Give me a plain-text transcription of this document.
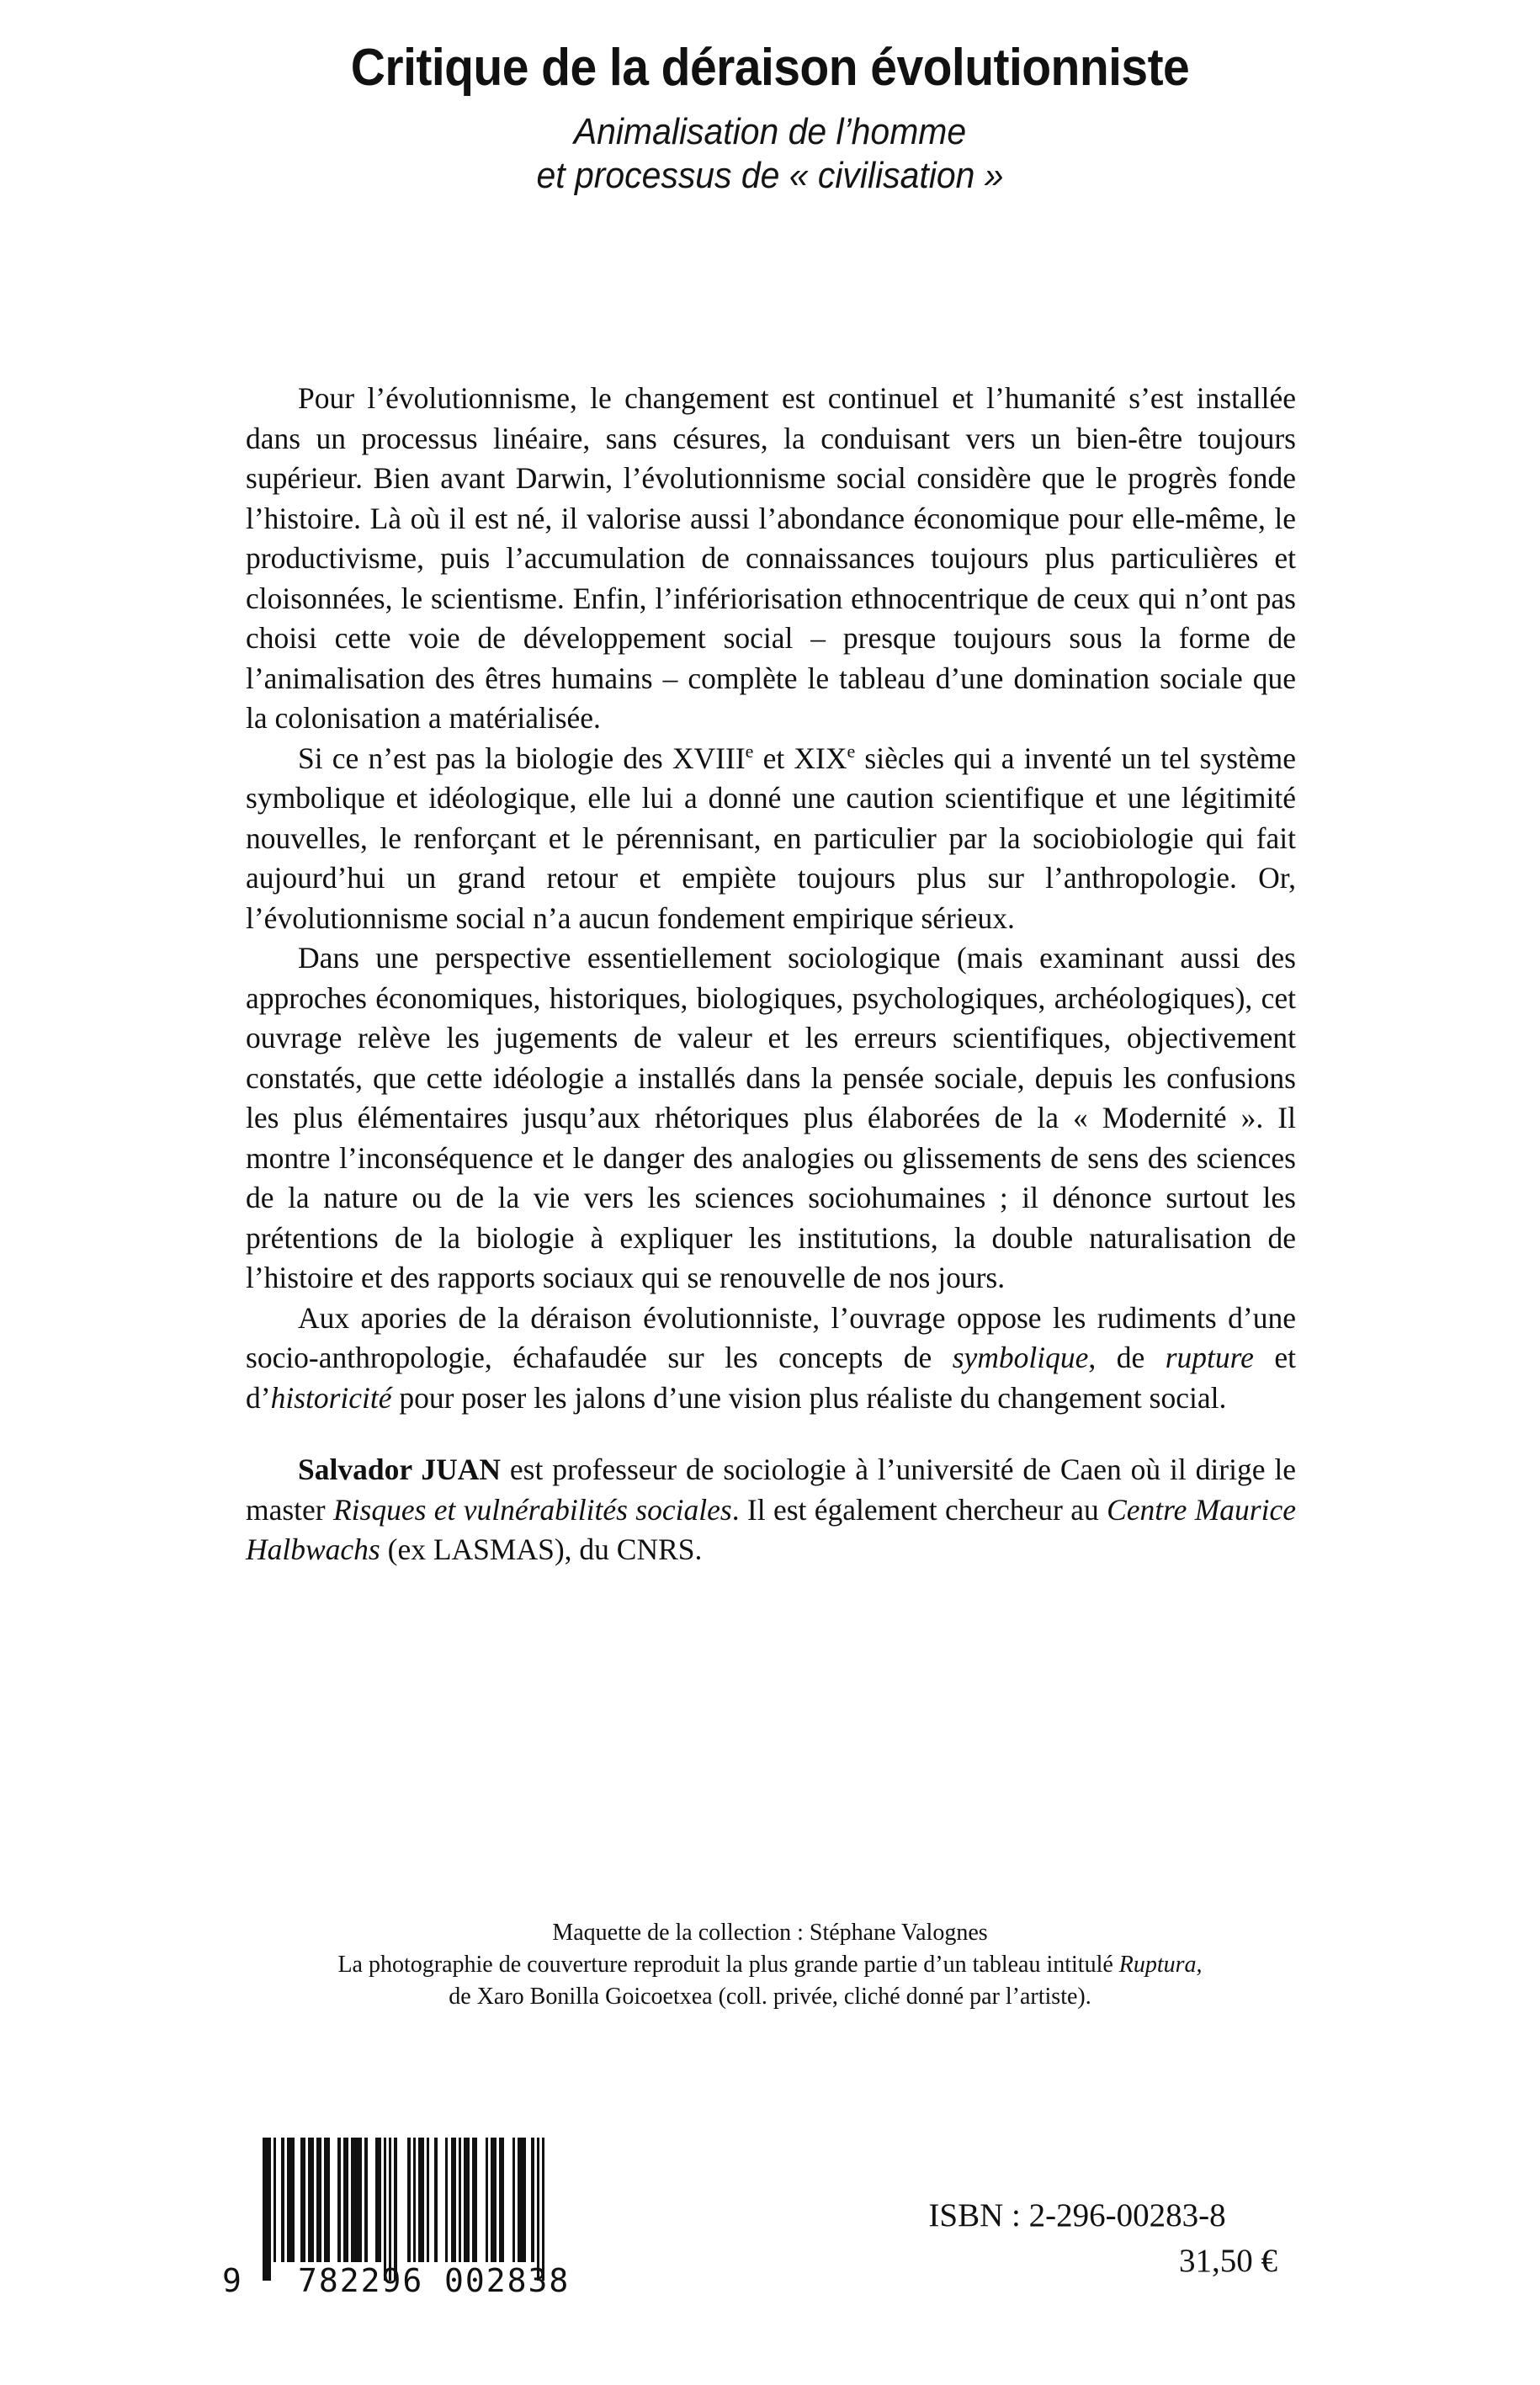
Critique de la déraison évolutionniste
Animalisation de l’homme
et processus de « civilisation »

Pour l’évolutionnisme, le changement est continuel et l’humanité s’est installée dans un processus linéaire, sans césures, la conduisant vers un bien-être toujours supérieur. Bien avant Darwin, l’évolutionnisme social considère que le progrès fonde l’histoire. Là où il est né, il valorise aussi l’abondance économique pour elle-même, le productivisme, puis l’accumulation de connaissances toujours plus particulières et cloisonnées, le scientisme. Enfin, l’infériorisation ethnocentrique de ceux qui n’ont pas choisi cette voie de développement social – presque toujours sous la forme de l’animalisation des êtres humains – complète le tableau d’une domination sociale que la colonisation a matérialisée.

Si ce n’est pas la biologie des XVIIIe et XIXe siècles qui a inventé un tel système symbolique et idéologique, elle lui a donné une caution scientifique et une légitimité nouvelles, le renforçant et le pérennisant, en particulier par la sociobiologie qui fait aujourd’hui un grand retour et empiète toujours plus sur l’anthropologie. Or, l’évolutionnisme social n’a aucun fondement empirique sérieux.

Dans une perspective essentiellement sociologique (mais examinant aussi des approches économiques, historiques, biologiques, psychologiques, archéologiques), cet ouvrage relève les jugements de valeur et les erreurs scientifiques, objectivement constatés, que cette idéologie a installés dans la pensée sociale, depuis les confusions les plus élémentaires jusqu’aux rhétoriques plus élaborées de la « Modernité ». Il montre l’inconséquence et le danger des analogies ou glissements de sens des sciences de la nature ou de la vie vers les sciences sociohumaines ; il dénonce surtout les prétentions de la biologie à expliquer les institutions, la double naturalisation de l’histoire et des rapports sociaux qui se renouvelle de nos jours.

Aux apories de la déraison évolutionniste, l’ouvrage oppose les rudiments d’une socio-anthropologie, échafaudée sur les concepts de symbolique, de rupture et d’historicité pour poser les jalons d’une vision plus réaliste du changement social.

Salvador JUAN est professeur de sociologie à l’université de Caen où il dirige le master Risques et vulnérabilités sociales. Il est également chercheur au Centre Maurice Halbwachs (ex LASMAS), du CNRS.

Maquette de la collection : Stéphane Valognes
La photographie de couverture reproduit la plus grande partie d’un tableau intitulé Ruptura,
de Xaro Bonilla Goicoetxea (coll. privée, cliché donné par l’artiste).
9 782296 002838
ISBN : 2-296-00283-8
31,50 €
